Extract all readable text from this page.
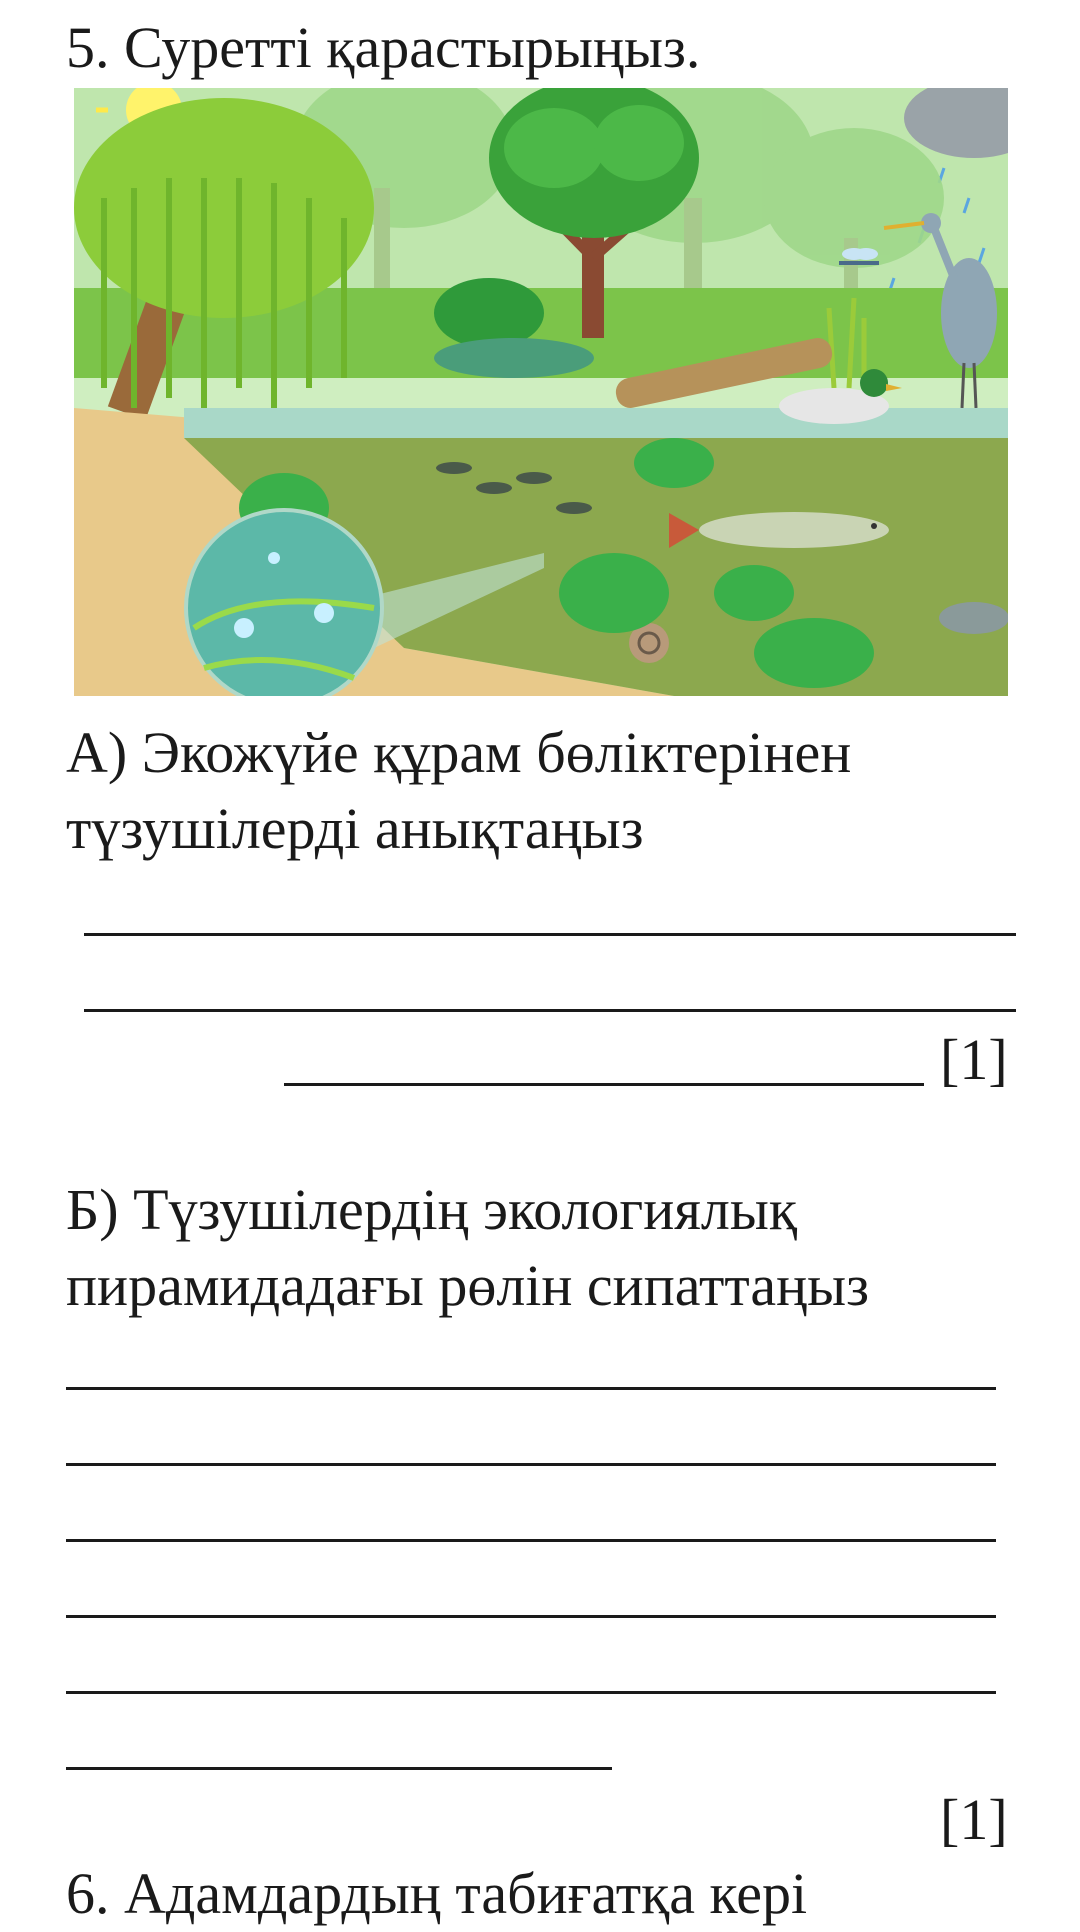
5. Суретті қарастырыңыз.
А) Экожүйе құрам бөліктерінен
түзушілерді анықтаңыз
[1]
Б) Түзушілердің экологиялық
пирамидадағы рөлін сипаттаңыз
[1]
6. Адамдардың табиғатқа кері
